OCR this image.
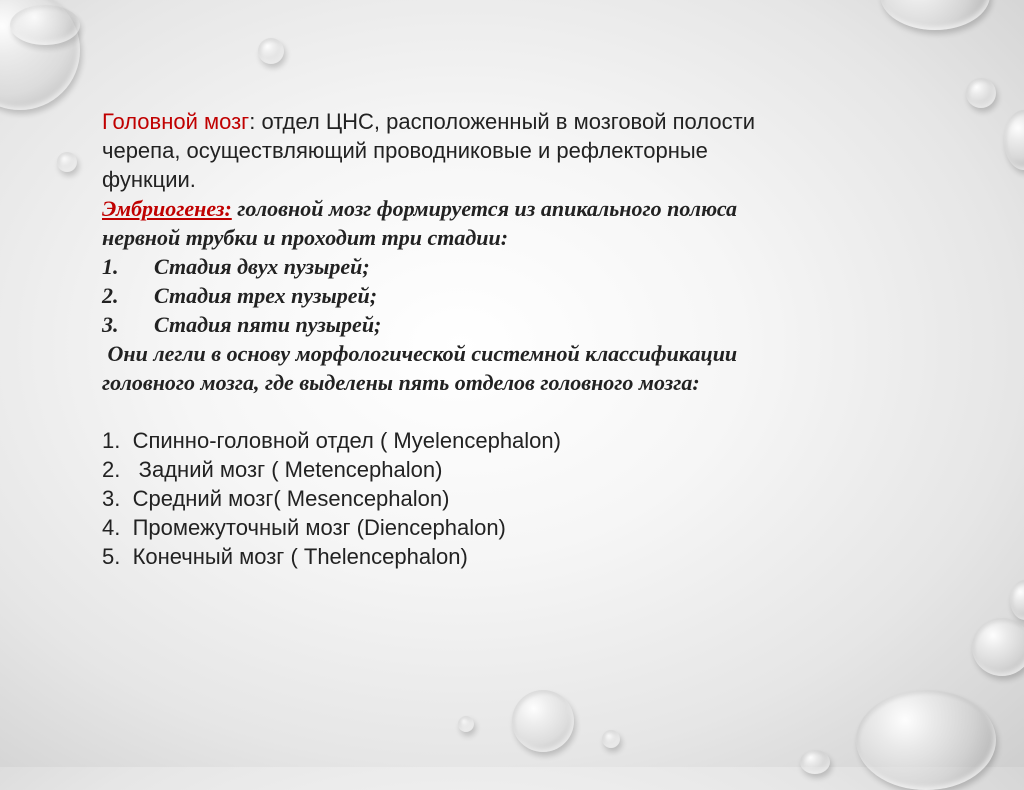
Головной мозг: отдел ЦНС, расположенный в мозговой полости
черепа, осуществляющий проводниковые и рефлекторные
функции.
Эмбриогенез: головной мозг формируется из апикального полюса
нервной трубки и проходит три стадии:
1. Стадия двух пузырей;
2. Стадия трех пузырей;
3. Стадия пяти пузырей;
Они легли в основу морфологической системной классификации
головного мозга, где выделены пять отделов головного мозга:
1.  Спинно-головной отдел ( Myelencephalon)
2.   Задний мозг ( Metencephalon)
3.  Средний мозг( Mesencephalon)
4.  Промежуточный мозг (Diencephalon)
5.  Конечный мозг ( Thelencephalon)
